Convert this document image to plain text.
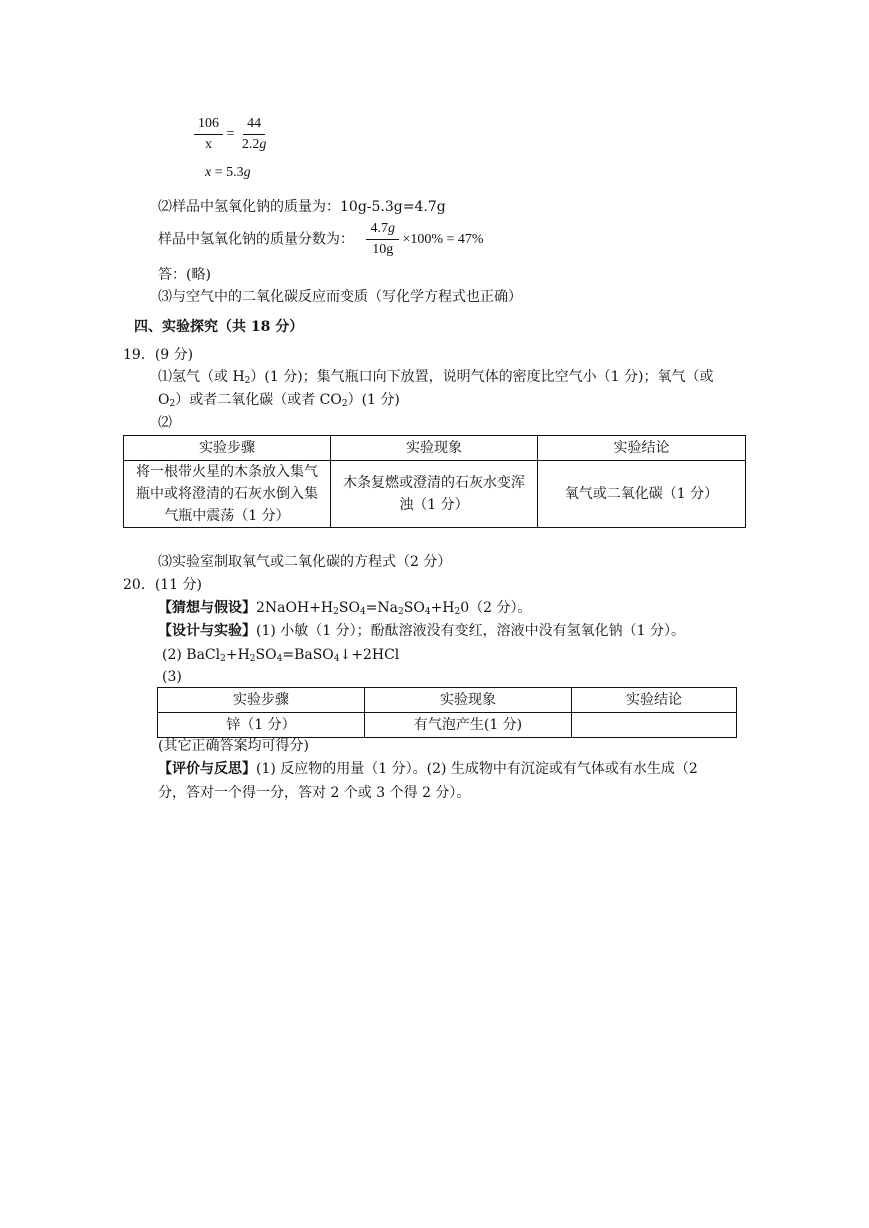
$\frac{106}{x} = \frac{44}{2.2g}$
x = 5.3g
⑵样品中氢氧化钠的质量为：10g-5.3g=4.7g
样品中氢氧化钠的质量分数为： $\frac{4.7g}{10g} \times 100\% = 47\%$
答：(略)
⑶与空气中的二氧化碳反应而变质（写化学方程式也正确）
四、实验探究（共 18 分）
19．(9 分)
⑴氢气（或 $H_2)(1$ 分)；集气瓶口向下放置，说明气体的密度比空气小（1 分)；氧气（或
$O_2$）或者二氧化碳（或者 $CO_2)(1$ 分)
⑵
实验步骤	实验现象	实验结论
将一根带火星的木条放入集气瓶中或将澄清的石灰水倒入集气瓶中震荡（1 分）	木条复燃或澄清的石灰水变浑浊（1 分）	氧气或二氧化碳（1 分）
⑶实验室制取氧气或二氧化碳的方程式（2 分）
20．(11 分)
【猜想与假设】$2NaOH+H_2SO_4=Na_2SO_4+H_20(2$ 分）。
【设计与实验】(1) 小敏（1 分）；酚酞溶液没有变红，溶液中没有氢氧化钠（1 分）。
(2) $BaCl_2+H_2SO_4=BaSO_4↓+2HCl$
(3)
实验步骤	实验现象	实验结论
锌（1 分）	有气泡产生(1 分)	
(其它正确答案均可得分)
【评价与反思】(1) 反应物的用量（1 分）。(2) 生成物中有沉淀或有气体或有水生成（2
分，答对一个得一分，答对 2 个或 3 个得 2 分）。
